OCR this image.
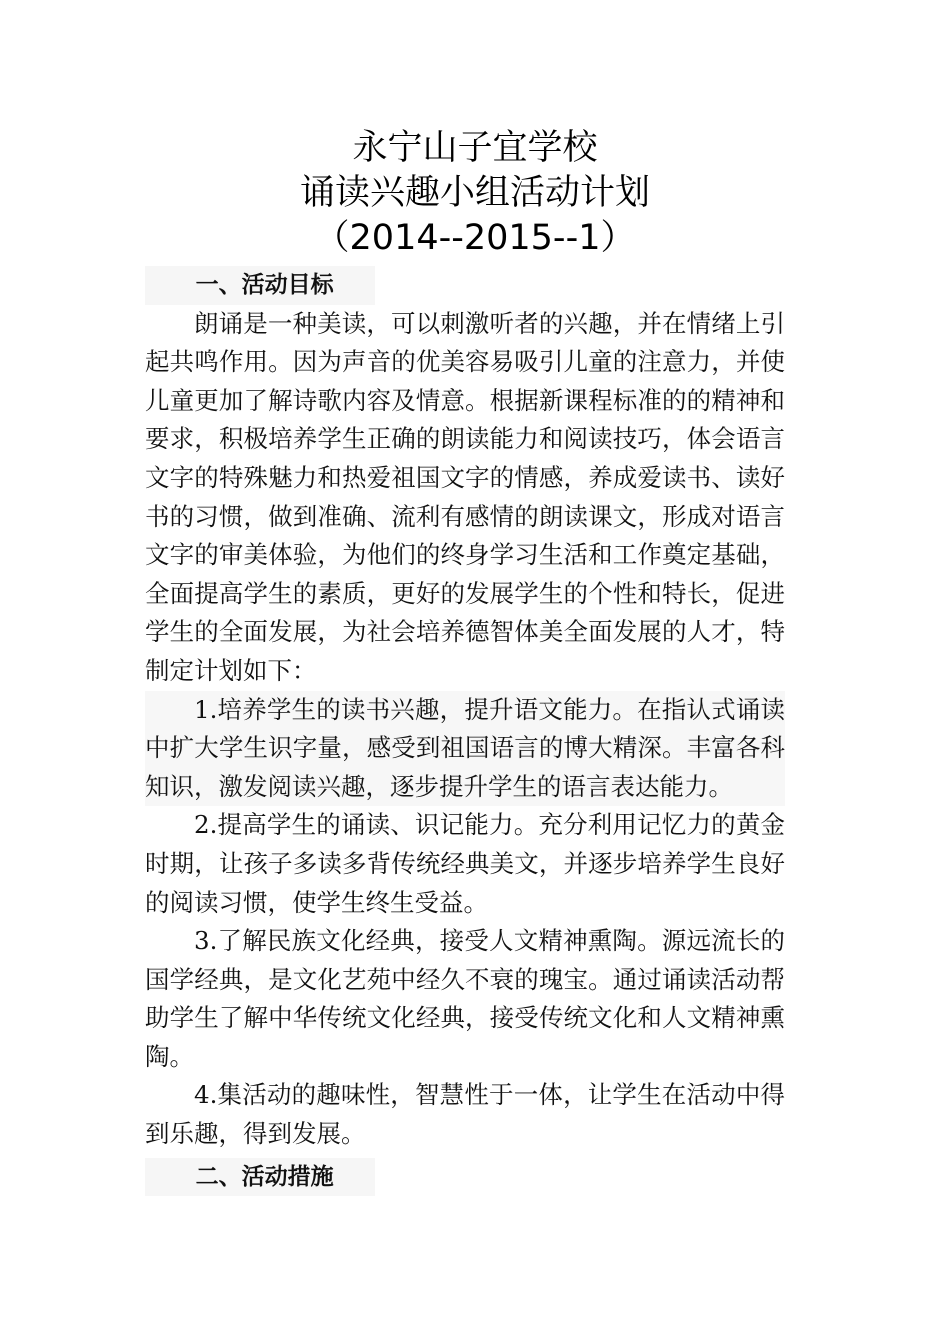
永宁山子宜学校
诵读兴趣小组活动计划
（2014--2015--1）

一、活动目标

朗诵是一种美读，可以刺激听者的兴趣，并在情绪上引起共鸣作用。因为声音的优美容易吸引儿童的注意力，并使儿童更加了解诗歌内容及情意。根据新课程标准的的精神和要求，积极培养学生正确的朗读能力和阅读技巧，体会语言文字的特殊魅力和热爱祖国文字的情感，养成爱读书、读好书的习惯，做到准确、流利有感情的朗读课文，形成对语言文字的审美体验，为他们的终身学习生活和工作奠定基础，全面提高学生的素质，更好的发展学生的个性和特长，促进学生的全面发展，为社会培养德智体美全面发展的人才，特制定计划如下：

1.培养学生的读书兴趣，提升语文能力。在指认式诵读中扩大学生识字量，感受到祖国语言的博大精深。丰富各科知识，激发阅读兴趣，逐步提升学生的语言表达能力。

2.提高学生的诵读、识记能力。充分利用记忆力的黄金时期，让孩子多读多背传统经典美文，并逐步培养学生良好的阅读习惯，使学生终生受益。

3.了解民族文化经典，接受人文精神熏陶。源远流长的国学经典，是文化艺苑中经久不衰的瑰宝。通过诵读活动帮助学生了解中华传统文化经典，接受传统文化和人文精神熏陶。

4.集活动的趣味性，智慧性于一体，让学生在活动中得到乐趣，得到发展。

二、活动措施
